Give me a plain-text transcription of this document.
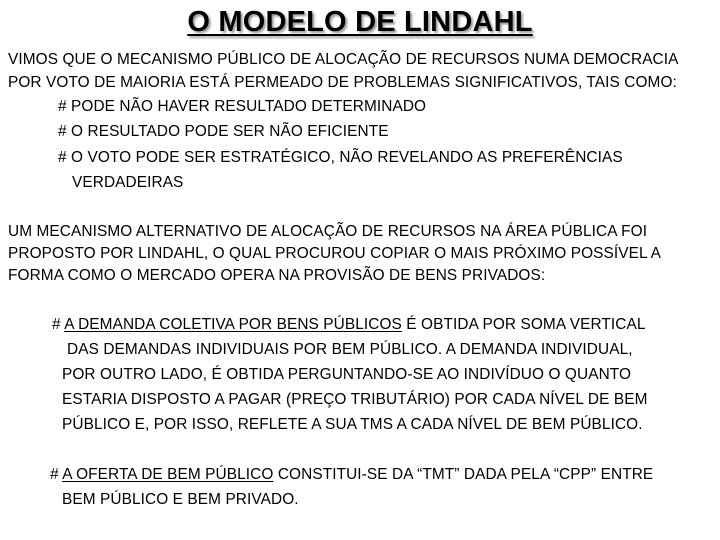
O MODELO DE LINDAHL
VIMOS QUE O MECANISMO PÚBLICO DE ALOCAÇÃO DE RECURSOS NUMA DEMOCRACIA
POR VOTO DE MAIORIA ESTÁ PERMEADO DE PROBLEMAS SIGNIFICATIVOS, TAIS COMO:
# PODE NÃO HAVER RESULTADO DETERMINADO
# O RESULTADO PODE SER NÃO EFICIENTE
# O VOTO PODE SER ESTRATÉGICO, NÃO REVELANDO AS PREFERÊNCIAS
VERDADEIRAS
UM MECANISMO ALTERNATIVO DE ALOCAÇÃO DE RECURSOS NA ÁREA PÚBLICA FOI
PROPOSTO POR LINDAHL, O QUAL PROCUROU COPIAR O MAIS PRÓXIMO POSSÍVEL A
FORMA COMO O MERCADO OPERA NA PROVISÃO DE BENS PRIVADOS:
# A DEMANDA COLETIVA POR BENS PÚBLICOS É OBTIDA POR SOMA VERTICAL
DAS DEMANDAS INDIVIDUAIS POR BEM PÚBLICO. A DEMANDA INDIVIDUAL,
POR OUTRO LADO, É OBTIDA PERGUNTANDO-SE AO INDIVÍDUO O QUANTO
ESTARIA DISPOSTO A PAGAR (PREÇO TRIBUTÁRIO) POR CADA NÍVEL DE BEM
PÚBLICO E, POR ISSO, REFLETE A SUA TMS A CADA NÍVEL DE BEM PÚBLICO.
# A OFERTA DE BEM PÚBLICO CONSTITUI-SE DA “TMT” DADA PELA “CPP” ENTRE
BEM PÚBLICO E BEM PRIVADO.
